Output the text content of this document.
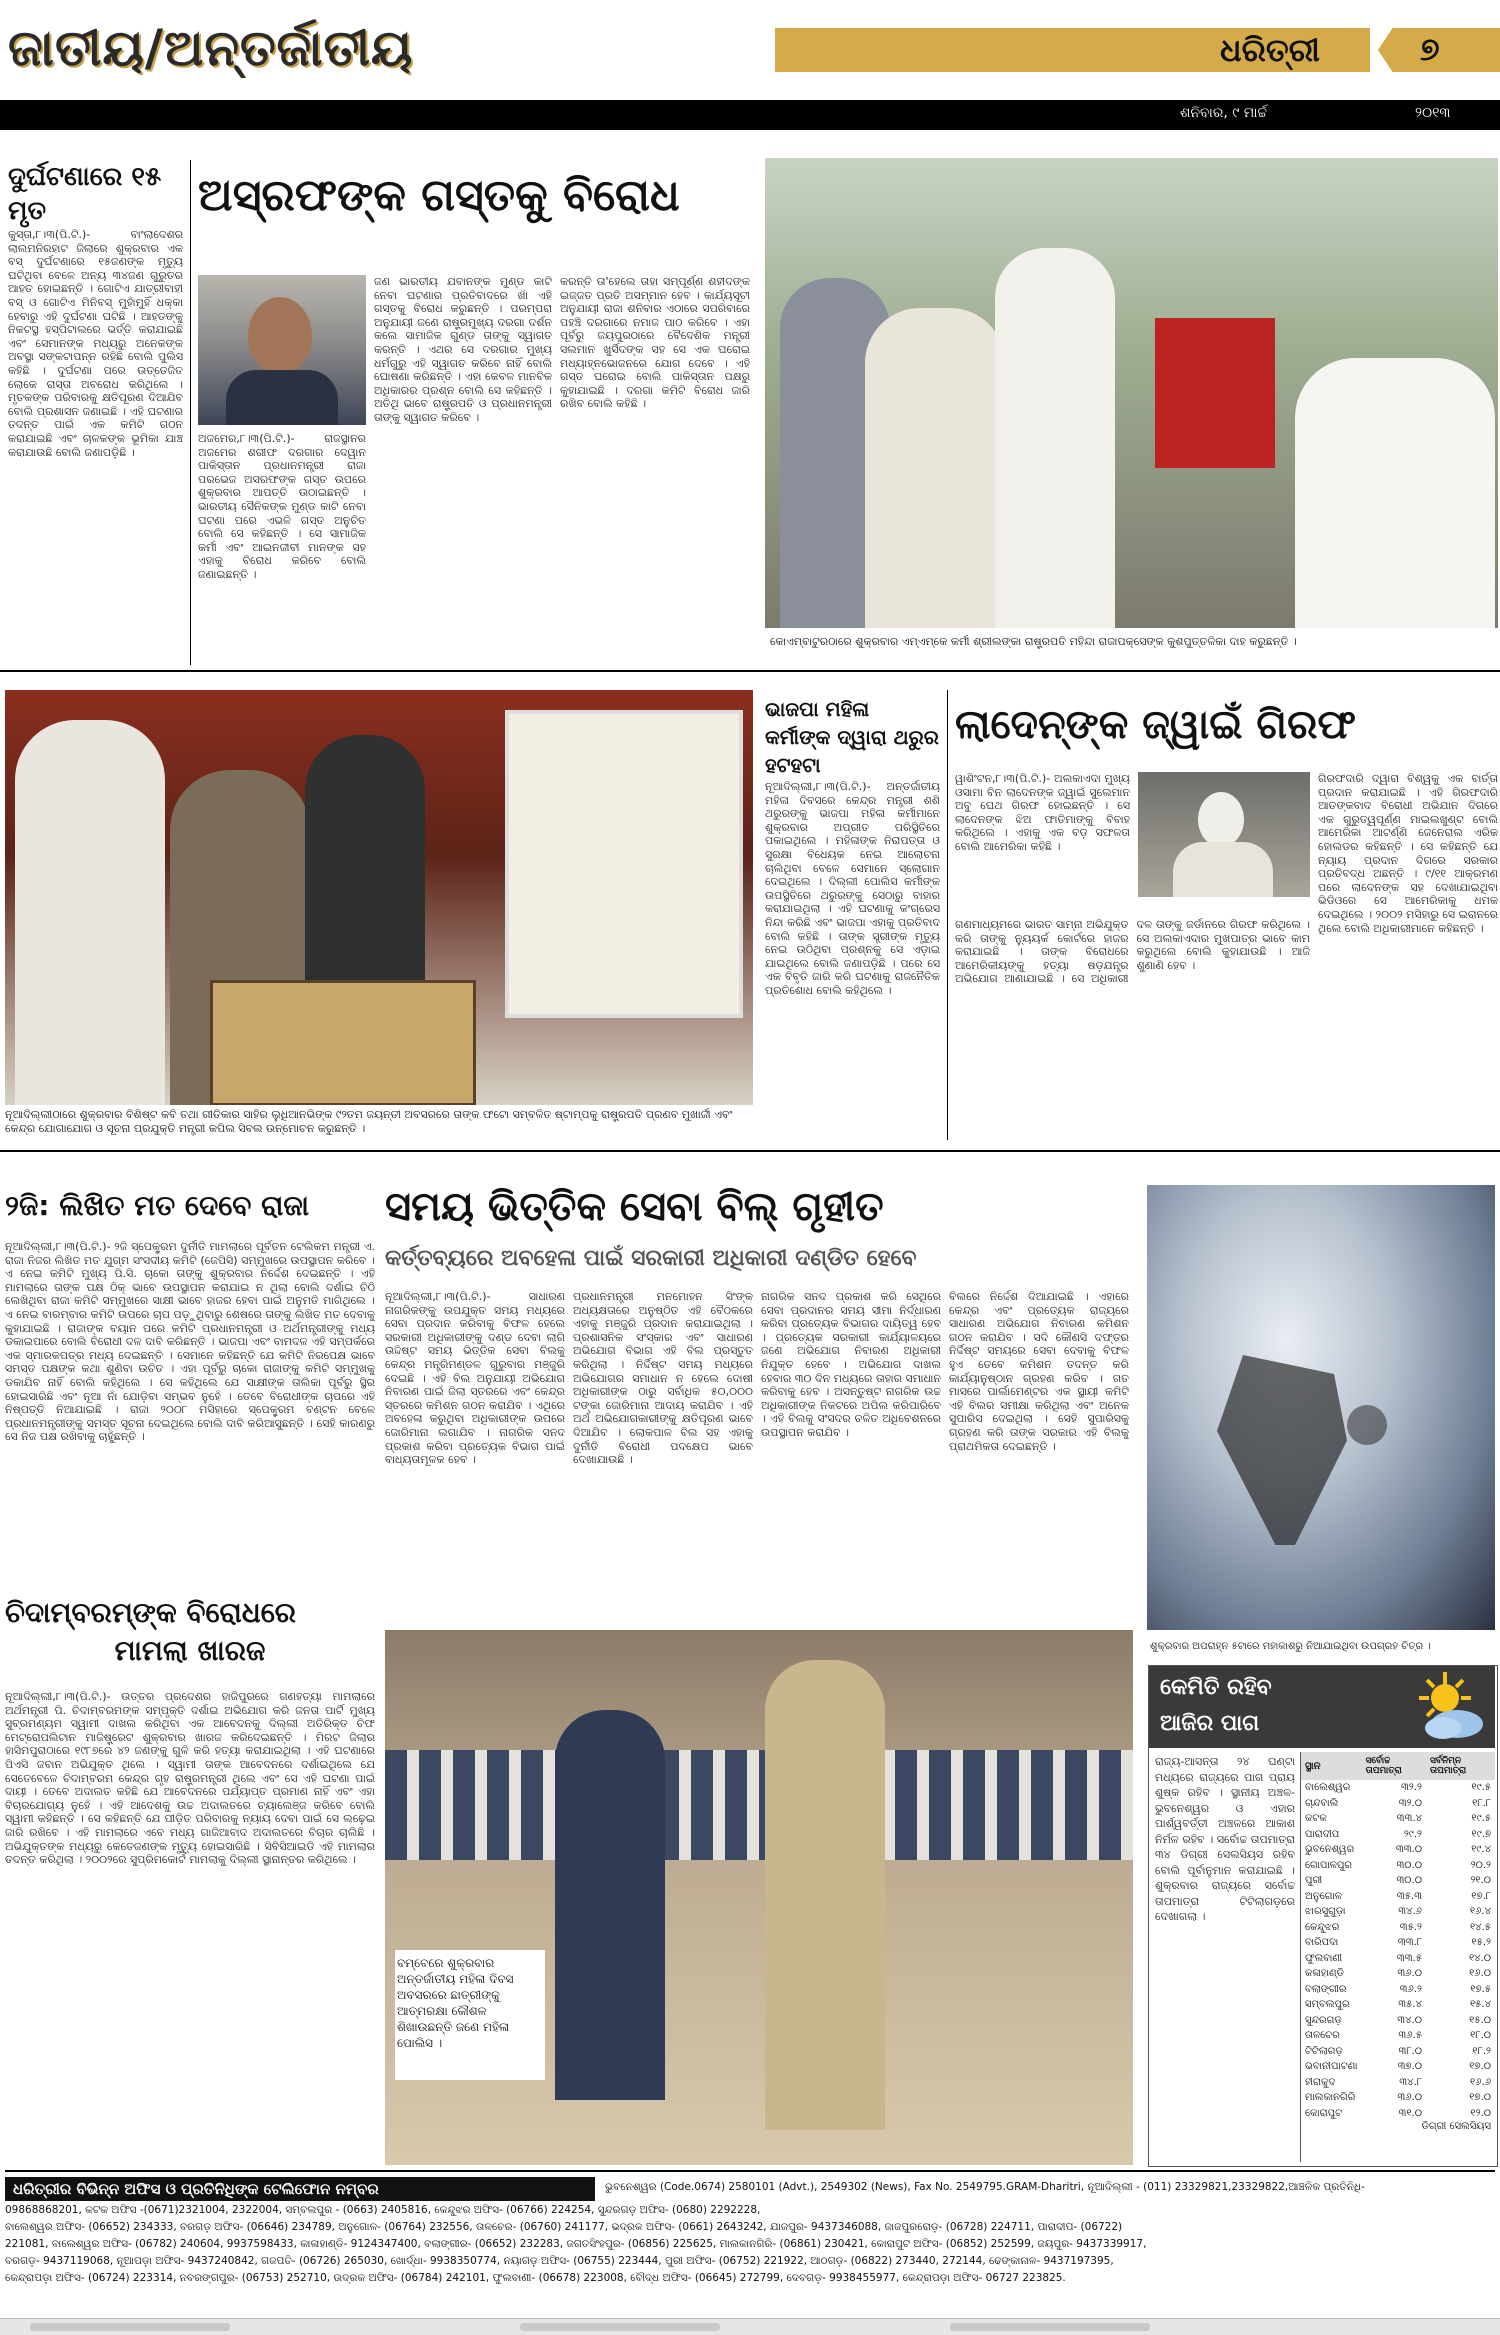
ଜାତୀୟ/ଅନ୍ତର୍ଜାତୀୟ	ଧରିତ୍ରୀ	୭
ଶନିବାର, ୯ ମାର୍ଚ୍ଚ	୨୦୧୩
ଦୁର୍ଘଟଣାରେ ୧୫ ମୃତ
କୁସ୍ତା,୮।୩(ପି.ଟି.)- ବାଂଲାଦେଶର ଲାଲମନିରହାଟ ଜିଲାରେ ଶୁକ୍ରବାର ଏକ ବସ୍ ଦୁର୍ଘଟଣାରେ ୧୫ଜଣଙ୍କ ମୃତ୍ୟୁ ଘଟିଥିବା ବେଳେ ଅନ୍ୟ ୩୪ଜଣ ଗୁରୁତର ଆହତ ହୋଇଛନ୍ତି । ଗୋଟିଏ ଯାତ୍ରୀବାହୀ ବସ୍ ଓ ଗୋଟିଏ ମିନିବସ୍ ମୁହାଁମୁହିଁ ଧକ୍କା ହେବାରୁ ଏହି ଦୁର୍ଘଟଣା ଘଟିଛି । ଆହତଙ୍କୁ ନିକଟସ୍ଥ ହସ୍ପିଟାଲରେ ଭର୍ତ୍ତି କରାଯାଇଛି ଏବଂ ସେମାନଙ୍କ ମଧ୍ୟରୁ ଅନେକଙ୍କ ଅବସ୍ଥା ସଙ୍କଟାପନ୍ନ ରହିଛି ବୋଲି ପୁଲିସ କହିଛି । ଦୁର୍ଘଟଣା ପରେ ଉତ୍ତେଜିତ ଲୋକେ ରାସ୍ତା ଅବରୋଧ କରିଥିଲେ । ମୃତକଙ୍କ ପରିବାରକୁ କ୍ଷତିପୂରଣ ଦିଆଯିବ ବୋଲି ପ୍ରଶାସନ ଜଣାଇଛି । ଏହି ଘଟଣାର ତଦନ୍ତ ପାଇଁ ଏକ କମିଟି ଗଠନ କରାଯାଇଛି ଏବଂ ଚାଳକଙ୍କ ଭୂମିକା ଯାଞ୍ଚ କରାଯାଉଛି ବୋଲି ଜଣାପଡ଼ିଛି ।
ଅସ୍‌ରଫଙ୍କ ଗସ୍ତକୁ ବିରୋଧ
ଅଜମେର,୮।୩(ପି.ଟି.)- ରାଜସ୍ଥାନର ଅଜମେର ଶରୀଫ ଦରଗାର ଦେୱାନ ପାକିସ୍ତାନ ପ୍ରଧାନମନ୍ତ୍ରୀ ରାଜା ପରଭେଜ ଅସରଫଙ୍କ ଗସ୍ତ ଉପରେ ଶୁକ୍ରବାର ଆପତ୍ତି ଉଠାଇଛନ୍ତି । ଭାରତୀୟ ସୈନିକଙ୍କ ମୁଣ୍ଡ କାଟି ନେବା ଘଟଣା ପରେ ଏଭଳି ଗସ୍ତ ଅନୁଚିତ ବୋଲି ସେ କହିଛନ୍ତି । ସେ ସାମାଜିକ କର୍ମୀ ଏବଂ ଆଇନଜୀବୀ ମାନଙ୍କ ସହ ଏହାକୁ ବିରୋଧ କରିବେ ବୋଲି ଜଣାଇଛନ୍ତି ।
ଜଣ ଭାରତୀୟ ଯବାନଙ୍କ ମୁଣ୍ଡ କାଟି ନେବା ଘଟଣାର ପ୍ରତିବାଦରେ ଖାଁ ଏହି ଗସ୍ତକୁ ବିରୋଧ କରୁଛନ୍ତି । ପରମ୍ପରା ଅନୁଯାୟୀ ଜଣେ ରାଷ୍ଟ୍ରମୁଖ୍ୟ ଦରଗା ଦର୍ଶନ କଲେ ସାମାଜିକ ଗୁଣ୍ଡ ତାଙ୍କୁ ସ୍ୱାଗତ କରନ୍ତି । ଏଥର ସେ ଦରଗାର ମୁଖ୍ୟ ଧର୍ମଗୁରୁ ଏହି ସ୍ୱାଗତ କରିବେ ନାହିଁ ବୋଲି ଘୋଷଣା କରିଛନ୍ତି । ଏହା କେବଳ ମାନବିକ ଅଧିକାରର ପ୍ରଶ୍ନ ବୋଲି ସେ କହିଛନ୍ତି । ଅତିଥି ଭାବେ ରାଷ୍ଟ୍ରପତି ଓ ପ୍ରଧାନମନ୍ତ୍ରୀ ତାଙ୍କୁ ସ୍ୱାଗତ କରିବେ ।
କରନ୍ତି ତା'ହେଲେ ତାହା ସମ୍ପୂର୍ଣ୍ଣ ଶହୀଦଙ୍କ ଇଜ୍ଜତ ପ୍ରତି ଅସମ୍ମାନ ହେବ । କାର୍ଯ୍ୟସୂଚୀ ଅନୁଯାୟୀ ରାଜା ଶନିବାର ଏଠାରେ ସପରିବାରେ ପହଞ୍ଚି ଦରଗାରେ ନମାଜ ପାଠ କରିବେ । ଏହା ପୂର୍ବରୁ ଜୟପୁରଠାରେ ବୈଦେଶିକ ମନ୍ତ୍ରୀ ସଲମାନ ଖୁର୍ସିଦଙ୍କ ସହ ସେ ଏକ ଘରୋଇ ମଧ୍ୟାହ୍ନଭୋଜନରେ ଯୋଗ ଦେବେ । ଏହି ଗସ୍ତ ଘରୋଇ ବୋଲି ପାକିସ୍ତାନ ପକ୍ଷରୁ କୁହାଯାଇଛି । ଦରଗା କମିଟି ବିରୋଧ ଜାରି ରଖିବ ବୋଲି କହିଛି ।
କୋଏମ୍ବାଟୁରଠାରେ ଶୁକ୍ରବାର ଏମ୍‌ଏମ୍‌କେ କର୍ମୀ ଶ୍ରୀଲଙ୍କା ରାଷ୍ଟ୍ରପତି ମହିନ୍ଦା ରାଜାପକ୍ସେଙ୍କ କୁଶପୁତ୍ତଳିକା ଦାହ କରୁଛନ୍ତି ।
ନୂଆଦିଲ୍ଲୀଠାରେ ଶୁକ୍ରବାର ବିଶିଷ୍ଟ କବି ତଥା ଗୀତିକାର ସାହିର ଲୁଧିଆନଭିଙ୍କ ୯୨ତମ ଜୟନ୍ତୀ ଅବସରରେ ତାଙ୍କ ଫଟୋ ସମ୍ବଳିତ ଷ୍ଟାମ୍ପକୁ ରାଷ୍ଟ୍ରପତି ପ୍ରଣବ ମୁଖାର୍ଜୀ ଏବଂ କେନ୍ଦ୍ର ଯୋଗାଯୋଗ ଓ ସୂଚନା ପ୍ରଯୁକ୍ତି ମନ୍ତ୍ରୀ କପିଲ ସିବଲ ଉନ୍ମୋଚନ କରୁଛନ୍ତି ।
ଭାଜପା ମହିଳା କର୍ମୀଙ୍କ ଦ୍ୱାରା ଥରୁର ହଟହଟା
ନୂଆଦିଲ୍ଲୀ,୮।୩(ପି.ଟି.)- ଅନ୍ତର୍ଜାତୀୟ ମହିଳା ଦିବସରେ କେନ୍ଦ୍ର ମନ୍ତ୍ରୀ ଶଶି ଥରୁରଙ୍କୁ ଭାଜପା ମହିଳା କର୍ମୀମାନେ ଶୁକ୍ରବାର ଅପ୍ରୀତ ପରିସ୍ଥିତିରେ ପକାଇଥିଲେ । ମହିଳାଙ୍କ ନିରାପତ୍ତା ଓ ସୁରକ୍ଷା ବିଧେୟକ ନେଇ ଆଲୋଚନା ଚାଲିଥିବା ବେଳେ ସେମାନେ ସ୍ଲୋଗାନ ଦେଇଥିଲେ । ଦିଲ୍ଲୀ ପୋଲିସ କର୍ମୀଙ୍କ ଉପସ୍ଥିତିରେ ଥରୁରଙ୍କୁ ସେଠାରୁ ବାହାର କରାଯାଇଥିଲା । ଏହି ଘଟଣାକୁ କଂଗ୍ରେସ ନିନ୍ଦା କରିଛି ଏବଂ ଭାଜପା ଏହାକୁ ପ୍ରତିବାଦ ବୋଲି କହିଛି । ତାଙ୍କ ସ୍ତ୍ରୀଙ୍କ ମୃତ୍ୟୁ ନେଇ ଉଠିଥିବା ପ୍ରଶ୍ନକୁ ସେ ଏଡ଼ାଇ ଯାଇଥିଲେ ବୋଲି ଜଣାପଡ଼ିଛି । ପରେ ସେ ଏକ ବିବୃତି ଜାରି କରି ଘଟଣାକୁ ରାଜନୈତିକ ପ୍ରତିଶୋଧ ବୋଲି କହିଥିଲେ ।
ଲାଦେନ୍‌ଙ୍କ ଜ୍ୱାଇଁ ଗିରଫ
ୱାଶିଂଟନ,୮।୩(ପି.ଟି.)- ଅଲକାଏଦା ମୁଖ୍ୟ ଓସାମା ବିନ ଲାଦେନଙ୍କ ଜ୍ୱାଇଁ ସୁଲେମାନ ଅବୁ ଘେଥ ଗିରଫ ହୋଇଛନ୍ତି । ସେ ଲାଦେନଙ୍କ ଝିଅ ଫାତିମାଙ୍କୁ ବିବାହ କରିଥିଲେ । ଏହାକୁ ଏକ ବଡ଼ ସଫଳତା ବୋଲି ଆମେରିକା କହିଛି ।
ଗଣମାଧ୍ୟମରେ ଭାରତ ସାମ୍ନା ଅଭିଯୁକ୍ତ କରି ତାଙ୍କୁ ନ୍ୟୁୟର୍କ କୋର୍ଟରେ ହାଜର କରାଯାଇଛି । ତାଙ୍କ ବିରୋଧରେ ଆମେରିକୀୟଙ୍କୁ ହତ୍ୟା ଷଡ଼ଯନ୍ତ୍ର ଅଭିଯୋଗ ଆଣାଯାଇଛି । ସେ ଅଧିକାରୀ ଦଳ ତାଙ୍କୁ ଜର୍ଡାନରେ ଗିରଫ କରିଥିଲେ । ସେ ଅଲକାଏଦାର ମୁଖପାତ୍ର ଭାବେ କାମ କରୁଥିଲେ ବୋଲି କୁହାଯାଉଛି । ଆଜି ଶୁଣାଣି ହେବ ।
ଗିରଫଦାରି ଦ୍ୱାରା ବିଶ୍ୱକୁ ଏକ ବାର୍ତ୍ତା ପ୍ରଦାନ କରାଯାଇଛି । ଏହି ଗିରଫଦାରି ଆତଙ୍କବାଦ ବିରୋଧୀ ଅଭିଯାନ ଦିଗରେ ଏକ ଗୁରୁତ୍ୱପୂର୍ଣ୍ଣ ମାଇଲଖୁଣ୍ଟ ବୋଲି ଆମେରିକା ଆଟର୍ଣ୍ଣି ଜେନେରାଲ ଏରିକ ହୋଲଡର କହିଛନ୍ତି । ସେ କହିଛନ୍ତି ଯେ ନ୍ୟାୟ ପ୍ରଦାନ ଦିଗରେ ସରକାର ପ୍ରତିବଦ୍ଧ ଅଛନ୍ତି । ୯/୧୧ ଆକ୍ରମଣ ପରେ ଲାଦେନଙ୍କ ସହ ଦେଖାଯାଇଥିବା ଭିଡିଓରେ ସେ ଆମେରିକାକୁ ଧମକ ଦେଇଥିଲେ । ୨୦୦୨ ମସିହାରୁ ସେ ଇରାନରେ ଥିଲେ ବୋଲି ଅଧିକାରୀମାନେ କହିଛନ୍ତି ।
୨ଜି: ଲିଖିତ ମତ ଦେବେ ରାଜା
ନୂଆଦିଲ୍ଲୀ,୮।୩(ପି.ଟି.)- ୨ଜି ସ୍ପେକ୍ଟ୍ରମ ଦୁର୍ନୀତି ମାମଲାରେ ପୂର୍ବତନ ଟେଲିକମ ମନ୍ତ୍ରୀ ଏ. ରାଜା ନିଜର ଲିଖିତ ମତ ଯୁଗ୍ମ ସଂସଦୀୟ କମିଟି (ଜେପିସି) ସମ୍ମୁଖରେ ଉପସ୍ଥାପନ କରିବେ । ଏ ନେଇ କମିଟି ମୁଖ୍ୟ ପି.ସି. ଚାକୋ ତାଙ୍କୁ ଶୁକ୍ରବାର ନିର୍ଦ୍ଦେଶ ଦେଇଛନ୍ତି । ଏହି ମାମଲାରେ ତାଙ୍କ ପକ୍ଷ ଠିକ୍ ଭାବେ ଉପସ୍ଥାପନ କରାଯାଇ ନ ଥିଲା ବୋଲି ଦର୍ଶାଇ ଚିଠି ଲେଖିଥିବା ରାଜା କମିଟି ସମ୍ମୁଖରେ ସାକ୍ଷୀ ଭାବେ ହାଜର ହେବା ପାଇଁ ଅନୁମତି ମାଗିଥିଲେ । ଏ ନେଇ ବାରମ୍ବାର କମିଟି ଉପରେ ଚାପ ପଡ଼ୁଥିବାରୁ ଶେଷରେ ତାଙ୍କୁ ଲିଖିତ ମତ ଦେବାକୁ କୁହାଯାଇଛି । ରାଜାଙ୍କ ବୟାନ ପରେ କମିଟି ପ୍ରଧାନମନ୍ତ୍ରୀ ଓ ଅର୍ଥମନ୍ତ୍ରୀଙ୍କୁ ମଧ୍ୟ ଡକାଇପାରେ ବୋଲି ବିରୋଧୀ ଦଳ ଦାବି କରିଛନ୍ତି । ଭାଜପା ଏବଂ ବାମଦଳ ଏହି ସମ୍ପର୍କରେ ଏକ ସ୍ମାରକପତ୍ର ମଧ୍ୟ ଦେଇଛନ୍ତି । ସେମାନେ କହିଛନ୍ତି ଯେ କମିଟି ନିରପେକ୍ଷ ଭାବେ ସମସ୍ତ ପକ୍ଷଙ୍କ କଥା ଶୁଣିବା ଉଚିତ । ଏହା ପୂର୍ବରୁ ଚାକୋ ରାଜାଙ୍କୁ କମିଟି ସମ୍ମୁଖକୁ ଡକାଯିବ ନାହିଁ ବୋଲି କହିଥିଲେ । ସେ କହିଥିଲେ ଯେ ସାକ୍ଷୀଙ୍କ ତାଲିକା ପୂର୍ବରୁ ସ୍ଥିର ହୋଇସାରିଛି ଏବଂ ନୂଆ ନାଁ ଯୋଡ଼ିବା ସମ୍ଭବ ନୁହେଁ । ତେବେ ବିରୋଧୀଙ୍କ ଚାପରେ ଏହି ନିଷ୍ପତ୍ତି ନିଆଯାଇଛି । ରାଜା ୨୦୦୮ ମସିହାରେ ସ୍ପେକ୍ଟ୍ରମ ବଣ୍ଟନ ବେଳେ ପ୍ରଧାନମନ୍ତ୍ରୀଙ୍କୁ ସମସ୍ତ ସୂଚନା ଦେଇଥିଲେ ବୋଲି ଦାବି କରିଆସୁଛନ୍ତି । ସେହି କାରଣରୁ ସେ ନିଜ ପକ୍ଷ ରଖିବାକୁ ଚାହୁଁଛନ୍ତି ।
ଚିଦାମ୍ବରମ୍‌ଙ୍କ ବିରୋଧରେ
ମାମଲା ଖାରଜ
ନୂଆଦିଲ୍ଲୀ,୮।୩(ପି.ଟି.)- ଉତ୍ତର ପ୍ରଦେଶର ହାଜିପୁରରେ ଗଣହତ୍ୟା ମାମଲାରେ ଅର୍ଥମନ୍ତ୍ରୀ ପି. ଚିଦାମ୍ବରମଙ୍କ ସମ୍ପୃକ୍ତି ଦର୍ଶାଇ ଅଭିଯୋଗ କରି ଜନତା ପାର୍ଟି ମୁଖ୍ୟ ସୁବ୍ରମଣ୍ୟମ ସ୍ୱାମୀ ଦାଖଲ କରିଥିବା ଏକ ଆବେଦନକୁ ଦିଲ୍ଲୀ ଅତିରିକ୍ତ ଚିଫ ମେଟ୍ରୋପଲିଟାନ ମାଜିଷ୍ଟ୍ରେଟ ଶୁକ୍ରବାର ଖାରଜ କରିଦେଇଛନ୍ତି । ମିରଟ ଜିଲାର ହାସିମପୁରାଠାରେ ୧୯୮୭ରେ ୪୨ ଜଣଙ୍କୁ ଗୁଳି କରି ହତ୍ୟା କରାଯାଇଥିଲା । ଏହି ଘଟଣାରେ ପିଏସି ଜବାନ ଅଭିଯୁକ୍ତ ଥିଲେ । ସ୍ୱାମୀ ତାଙ୍କ ଆବେଦନରେ ଦର୍ଶାଇଥିଲେ ଯେ ସେତେବେଳେ ଚିଦାମ୍ବରମ କେନ୍ଦ୍ର ଗୃହ ରାଷ୍ଟ୍ରମନ୍ତ୍ରୀ ଥିଲେ ଏବଂ ସେ ଏହି ଘଟଣା ପାଇଁ ଦାୟୀ । ତେବେ ଅଦାଲତ କହିଛି ଯେ ଆବେଦନରେ ପର୍ଯ୍ୟାପ୍ତ ପ୍ରମାଣ ନାହିଁ ଏବଂ ଏହା ବିଚାରଯୋଗ୍ୟ ନୁହେଁ । ଏହି ଆଦେଶକୁ ଉଚ୍ଚ ଅଦାଲତରେ ଚ୍ୟାଲେଞ୍ଜ କରିବେ ବୋଲି ସ୍ୱାମୀ କହିଛନ୍ତି । ସେ କହିଛନ୍ତି ଯେ ପୀଡ଼ିତ ପରିବାରକୁ ନ୍ୟାୟ ଦେବା ପାଇଁ ସେ ଲଢ଼େଇ ଜାରି ରଖିବେ । ଏହି ମାମଲାରେ ଏବେ ମଧ୍ୟ ଗାଜିଆବାଦ ଅଦାଲତରେ ବିଚାର ଚାଲିଛି । ଅଭିଯୁକ୍ତଙ୍କ ମଧ୍ୟରୁ କେତେଜଣଙ୍କ ମୃତ୍ୟୁ ହୋଇସାରିଛି । ସିବିସିଆଇଡି ଏହି ମାମଲାର ତଦନ୍ତ କରିଥିଲା । ୨୦୦୨ରେ ସୁପ୍ରିମକୋର୍ଟ ମାମଲାକୁ ଦିଲ୍ଲୀ ସ୍ଥାନାନ୍ତର କରିଥିଲେ ।
ସମୟ ଭିତ୍ତିକ ସେବା ବିଲ୍ ଗୃହୀତ
କର୍ତ୍ତବ୍ୟରେ ଅବହେଳା ପାଇଁ ସରକାରୀ ଅଧିକାରୀ ଦଣ୍ଡିତ ହେବେ
ନୂଆଦିଲ୍ଲୀ,୮।୩(ପି.ଟି.)- ସାଧାରଣ ନାଗରିକଙ୍କୁ ଉପଯୁକ୍ତ ସମୟ ମଧ୍ୟରେ ସେବା ପ୍ରଦାନ କରିବାକୁ ବିଫଳ ହେଲେ ସରକାରୀ ଅଧିକାରୀଙ୍କୁ ଦଣ୍ଡ ଦେବା ଲାଗି ଉଦ୍ଦିଷ୍ଟ ସମୟ ଭିତ୍ତିକ ସେବା ବିଲକୁ କେନ୍ଦ୍ର ମନ୍ତ୍ରିମଣ୍ଡଳ ଗୁରୁବାର ମଞ୍ଜୁରି ଦେଇଛି । ଏହି ବିଲ ଅନୁଯାୟୀ ଅଭିଯୋଗ ନିବାରଣ ପାଇଁ ଜିଲା ସ୍ତରରେ ଏବଂ କେନ୍ଦ୍ର ସ୍ତରରେ କମିଶନ ଗଠନ କରାଯିବ । ଏଥିରେ ଅବହେଳା କରୁଥିବା ଅଧିକାରୀଙ୍କ ଉପରେ ଜୋରିମାନା ଲଗାଯିବ । ନାଗରିକ ସନଦ ପ୍ରକାଶ କରିବା ପ୍ରତ୍ୟେକ ବିଭାଗ ପାଇଁ ବାଧ୍ୟତାମୂଳକ ହେବ ।
ପ୍ରଧାନମନ୍ତ୍ରୀ ମନମୋହନ ସିଂଙ୍କ ଅଧ୍ୟକ୍ଷତାରେ ଅନୁଷ୍ଠିତ ଏହି ବୈଠକରେ ଏହାକୁ ମଞ୍ଜୁରି ପ୍ରଦାନ କରାଯାଇଥିଲା । ପ୍ରଶାସନିକ ସଂସ୍କାର ଏବଂ ସାଧାରଣ ଅଭିଯୋଗ ବିଭାଗ ଏହି ବିଲ ପ୍ରସ୍ତୁତ କରିଥିଲା । ନିର୍ଦ୍ଦିଷ୍ଟ ସମୟ ମଧ୍ୟରେ ଅଭିଯୋଗର ସମାଧାନ ନ ହେଲେ ଦୋଷୀ ଅଧିକାରୀଙ୍କ ଠାରୁ ସର୍ବାଧିକ ୫୦,୦୦୦ ଟଙ୍କା ଜୋରିମାନା ଆଦାୟ କରାଯିବ । ଏହି ଅର୍ଥ ଅଭିଯୋଗକାରୀଙ୍କୁ କ୍ଷତିପୂରଣ ଭାବେ ଦିଆଯିବ । ଲୋକପାଳ ବିଲ ସହ ଏହାକୁ ଦୁର୍ନୀତି ବିରୋଧୀ ପଦକ୍ଷେପ ଭାବେ ଦେଖାଯାଉଛି ।
ନାଗରିକ ସନଦ ପ୍ରକାଶ କରି ସେଥିରେ ସେବା ପ୍ରଦାନର ସମୟ ସୀମା ନିର୍ଦ୍ଧାରଣ କରିବା ପ୍ରତ୍ୟେକ ବିଭାଗର ଦାୟିତ୍ୱ ହେବ । ପ୍ରତ୍ୟେକ ସରକାରୀ କାର୍ଯ୍ୟାଳୟରେ ଜଣେ ଅଭିଯୋଗ ନିବାରଣ ଅଧିକାରୀ ନିଯୁକ୍ତ ହେବେ । ଅଭିଯୋଗ ଦାଖଲ ହେବାର ୩୦ ଦିନ ମଧ୍ୟରେ ତାହାର ସମାଧାନ କରିବାକୁ ହେବ । ଅସନ୍ତୁଷ୍ଟ ନାଗରିକ ଉଚ୍ଚ ଅଧିକାରୀଙ୍କ ନିକଟରେ ଅପିଲ କରିପାରିବେ । ଏହି ବିଲକୁ ସଂସଦର ଚଳିତ ଅଧିବେଶନରେ ଉପସ୍ଥାପନ କରାଯିବ ।
ବିଲରେ ନିର୍ଦ୍ଦେଶ ଦିଆଯାଇଛି । ଏହାରେ କେନ୍ଦ୍ର ଏବଂ ପ୍ରତ୍ୟେକ ରାଜ୍ୟରେ ସାଧାରଣ ଅଭିଯୋଗ ନିବାରଣ କମିଶନ ଗଠନ କରାଯିବ । ସଦି କୌଣସି ଦଫ୍ତର ନିର୍ଦ୍ଦିଷ୍ଟ ସମୟରେ ସେବା ଦେବାକୁ ବିଫଳ ହୁଏ ତେବେ କମିଶନ ତଦନ୍ତ କରି କାର୍ଯ୍ୟାନୁଷ୍ଠାନ ଗ୍ରହଣ କରିବ । ଗତ ମାସରେ ପାର୍ଲାମେଣ୍ଟର ଏକ ସ୍ଥାୟୀ କମିଟି ଏହି ବିଲର ସମୀକ୍ଷା କରିଥିଲା ଏବଂ ଅନେକ ସୁପାରିସ ଦେଇଥିଲା । ସେହି ସୁପାରିସକୁ ଗ୍ରହଣ କରି ତାଙ୍କ ସରକାର ଏହି ବିଲକୁ ପ୍ରାଥମିକତା ଦେଇଛନ୍ତି ।
ଶୁକ୍ରବାର ଅପରାହ୍ନ ୫ଟାରେ ମହାକାଶରୁ ନିଆଯାଇଥିବା ଉପଗ୍ରହ ଚିତ୍ର ।
ବମ୍ବେରେ ଶୁକ୍ରବାର ଅନ୍ତର୍ଜାତୀୟ ମହିଳା ଦିବସ ଅବସରରେ ଛାତ୍ରୀଙ୍କୁ ଆତ୍ମରକ୍ଷା କୌଶଳ ଶିଖାଉଛନ୍ତି ଜଣେ ମହିଳା ପୋଲିସ ।
କେମିତି ରହିବ
ଆଜିର ପାଗ
ରାଜ୍ୟ-ଆସନ୍ତା ୨୪ ଘଣ୍ଟା ମଧ୍ୟରେ ରାଜ୍ୟରେ ପାଗ ପ୍ରାୟ ଶୁଷ୍କ ରହିବ । ସ୍ଥାନୀୟ ଅଞ୍ଚଳ- ଭୁବନେଶ୍ୱର ଓ ଏହାର ପାର୍ଶ୍ୱବର୍ତ୍ତୀ ଅଞ୍ଚଳରେ ଆକାଶ ନିର୍ମଳ ରହିବ । ସର୍ବୋଚ୍ଚ ତାପମାତ୍ରା ୩୪ ଡିଗ୍ରୀ ସେଲସିୟସ ରହିବ ବୋଲି ପୂର୍ବାନୁମାନ କରାଯାଇଛି । ଶୁକ୍ରବାର ରାଜ୍ୟରେ ସର୍ବୋଚ୍ଚ ତାପମାତ୍ରା ଟିଟିଲାଗଡ଼ରେ ଦେଖାଗଲା ।
ସ୍ଥାନ	ସର୍ବୋଚ୍ଚ ତାପମାତ୍ରା	ସର୍ବନିମ୍ନ ତାପମାତ୍ରା
ବାଲେଶ୍ୱର	୩୨.୨	୧୯.୫
ଚାନ୍ଦବାଲି	୩୨.୦	୧୮.୮
କଟକ	୩୩.୪	୧୯.୫
ପାରାଦୀପ	୨୯.୨	୧୯.୭
ଭୁବନେଶ୍ୱର	୩୩.୦	୧୯.୪
ଗୋପାଳପୁର	୩୦.୦	୨୦.୨
ପୁରୀ	୩୦.୦	୨୧.୦
ଅନୁଗୋଳ	୩୫.୩	୧୭.୮
ଝାରସୁଗୁଡ଼ା	୩୪.୬	୧୬.୪
କେନ୍ଦୁଝର	୩୫.୨	୧୪.୫
ବାରିପଦା	୩୩.୮	୧୫.୨
ଫୁଲବାଣୀ	୩୩.୫	୧୪.୦
କଳାହାଣ୍ଡି	୩୬.୦	୧୬.୦
ବଲାଙ୍ଗୀର	୩୬.୨	୧୭.୫
ସମ୍ବଲପୁର	୩୫.୪	୧୫.୪
ସୁନ୍ଦରଗଡ଼	୩୪.୦	୧୫.୦
ତାଳଚେର	୩୬.୫	୧୮.୦
ଟିଟିଲାଗଡ଼	୩୮.୦	୧୮.୨
ଭବାନୀପାଟଣା	୩୭.୦	୧୭.୦
ହୀରାକୁଦ	୩୪.୮	୧୬.୬
ମାଲକାନଗିରି	୩୬.୦	୧୭.୦
କୋରାପୁଟ	୩୧.୦	୧୨.୦
ଡିଗ୍ରୀ ସେଲସିୟସ
ଧରିତ୍ରୀର ବିଭିନ୍ନ ଅଫିସ ଓ ପ୍ରତିନିଧିଙ୍କ ଟେଲିଫୋନ ନମ୍ବର	ଭୁବନେଶ୍ୱର (Code.0674) 2580101 (Advt.), 2549302 (News), Fax No. 2549795.GRAM-Dharitri, ନୂଆଦିଲ୍ଲୀ - (011) 23329821,23329822,ଆଞ୍ଚଳିକ ପ୍ରତିନିଧି-
09868868201, କଟକ ଅଫିସ -(0671)2321004, 2322004, ସମ୍ବଲପୁର - (0663) 2405816, କେନ୍ଦୁଝର ଅଫିସ- (06766) 224254, ସୁନ୍ଦରଗଡ଼ ଅଫିସ- (0680) 2292228,
ବାଲେଶ୍ୱର ଅଫିସ- (06652) 234333, ବରଗଡ଼ ଅଫିସ- (06646) 234789, ଅନୁଗୋଳ- (06764) 232556, ତାଳଚେର- (06760) 241177, ଭଦ୍ରକ ଅଫିସ- (0661) 2643242, ଯାଜପୁର- 9437346088, ଜାଜପୁରରୋଡ଼- (06728) 224711, ପାରାଦୀପ- (06722)
221081, ବାଲେଶ୍ୱର ଅଫିସ- (06782) 240604, 9937598433, କାଳାହାଣ୍ଡି- 9124347400, ବଲାଙ୍ଗୀର- (06652) 232283, ଜଗତସିଂହପୁର- (06856) 225625, ମାଲକାନଗିରି- (06861) 230421, କୋରାପୁଟ ଅଫିସ- (06852) 252599, ଜୟପୁର- 9437339917,
ବରଗଡ଼- 9437119068, ନୂଆପଡ଼ା ଅଫିସ- 9437240842, ଗଜପତି- (06726) 265030, ଖୋର୍ଦ୍ଧା- 9938350774, ନୟାଗଡ଼ ଅଫିସ- (06755) 223444, ପୁରୀ ଅଫିସ- (06752) 221922, ଆଠଗଡ଼- (06822) 273440, 272144, ଢେଙ୍କାନାଳ- 9437197395,
କେନ୍ଦ୍ରାପଡ଼ା ଅଫିସ- (06724) 223314, ନବରଙ୍ଗପୁର- (06753) 252710, ଉଦ୍ରକ ଅଫିସ- (06784) 242101, ଫୁଲବାଣୀ- (06678) 223008, ବୌଦ୍ଧ ଅଫିସ- (06645) 272799, ଦେବଗଡ଼- 9938455977, କେନ୍ଦ୍ରାପଡ଼ା ଅଫିସ- 06727 223825.
